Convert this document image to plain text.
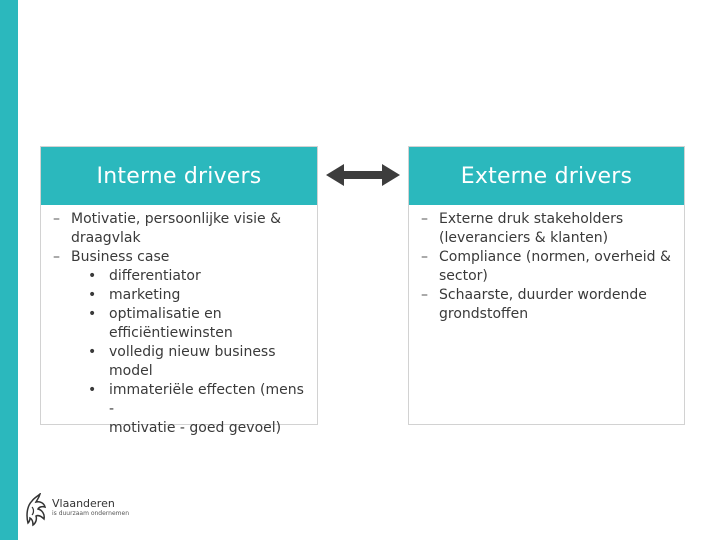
Interne drivers
– Motivatie, persoonlijke visie &
draagvlak
– Business case
• differentiator
• marketing
• optimalisatie en
efficiëntiewinsten
• volledig nieuw business
model
• immateriële effecten (mens -
motivatie - goed gevoel)
Externe drivers
– Externe druk stakeholders
(leveranciers & klanten)
– Compliance (normen, overheid &
sector)
– Schaarste, duurder wordende
grondstoffen
Vlaanderen
is duurzaam ondernemen
